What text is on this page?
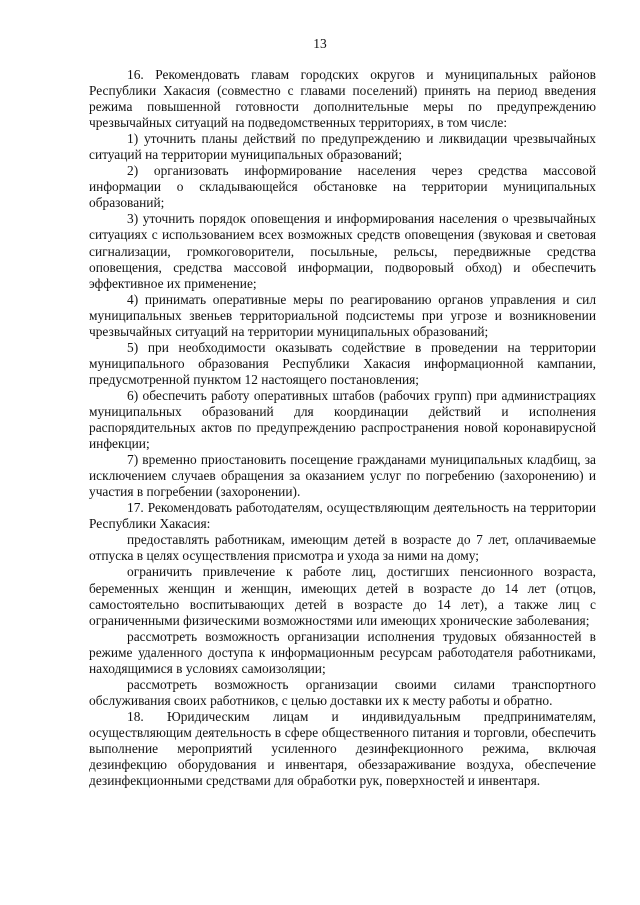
13

16. Рекомендовать главам городских округов и муниципальных районов Республики Хакасия (совместно с главами поселений) принять на период введения режима повышенной готовности дополнительные меры по предупреждению чрезвычайных ситуаций на подведомственных территориях, в том числе:

1) уточнить планы действий по предупреждению и ликвидации чрезвычайных ситуаций на территории муниципальных образований;

2) организовать информирование населения через средства массовой информации о складывающейся обстановке на территории муниципальных образований;

3) уточнить порядок оповещения и информирования населения о чрезвычайных ситуациях с использованием всех возможных средств оповещения (звуковая и световая сигнализации, громкоговорители, посыльные, рельсы, передвижные средства оповещения, средства массовой информации, подворовый обход) и обеспечить эффективное их применение;

4) принимать оперативные меры по реагированию органов управления и сил муниципальных звеньев территориальной подсистемы при угрозе и возникновении чрезвычайных ситуаций на территории муниципальных образований;

5) при необходимости оказывать содействие в проведении на территории муниципального образования Республики Хакасия информационной кампании, предусмотренной пунктом 12 настоящего постановления;

6) обеспечить работу оперативных штабов (рабочих групп) при администрациях муниципальных образований для координации действий и исполнения распорядительных актов по предупреждению распространения новой коронавирусной инфекции;

7) временно приостановить посещение гражданами муниципальных кладбищ, за исключением случаев обращения за оказанием услуг по погребению (захоронению) и участия в погребении (захоронении).

17. Рекомендовать работодателям, осуществляющим деятельность на территории Республики Хакасия:

предоставлять работникам, имеющим детей в возрасте до 7 лет, оплачиваемые отпуска в целях осуществления присмотра и ухода за ними на дому;

ограничить привлечение к работе лиц, достигших пенсионного возраста, беременных женщин и женщин, имеющих детей в возрасте до 14 лет (отцов, самостоятельно воспитывающих детей в возрасте до 14 лет), а также лиц с ограниченными физическими возможностями или имеющих хронические заболевания;

рассмотреть возможность организации исполнения трудовых обязанностей в режиме удаленного доступа к информационным ресурсам работодателя работниками, находящимися в условиях самоизоляции;

рассмотреть возможность организации своими силами транспортного обслуживания своих работников, с целью доставки их к месту работы и обратно.

18. Юридическим лицам и индивидуальным предпринимателям, осуществляющим деятельность в сфере общественного питания и торговли, обеспечить выполнение мероприятий усиленного дезинфекционного режима, включая дезинфекцию оборудования и инвентаря, обеззараживание воздуха, обеспечение дезинфекционными средствами для обработки рук, поверхностей и инвентаря.
